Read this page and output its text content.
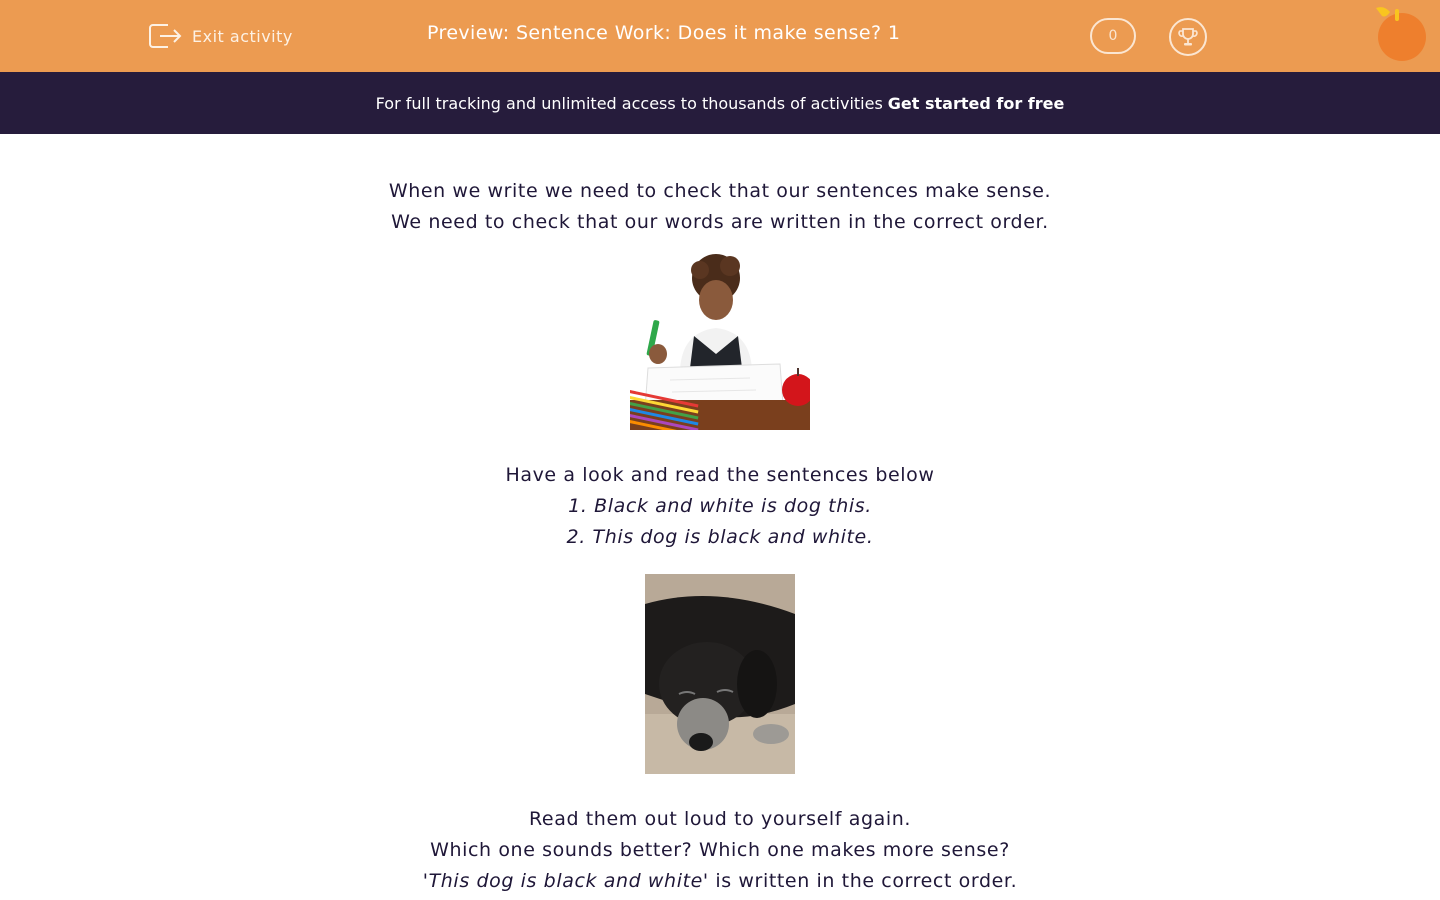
Exit activity	Preview: Sentence Work: Does it make sense? 1	0
For full tracking and unlimited access to thousands of activities Get started for free

When we write we need to check that our sentences make sense.

We need to check that our words are written in the correct order.

Have a look and read the sentences below

1. Black and white is dog this.

2. This dog is black and white.

Read them out loud to yourself again.

Which one sounds better? Which one makes more sense?

'This dog is black and white' is written in the correct order.
